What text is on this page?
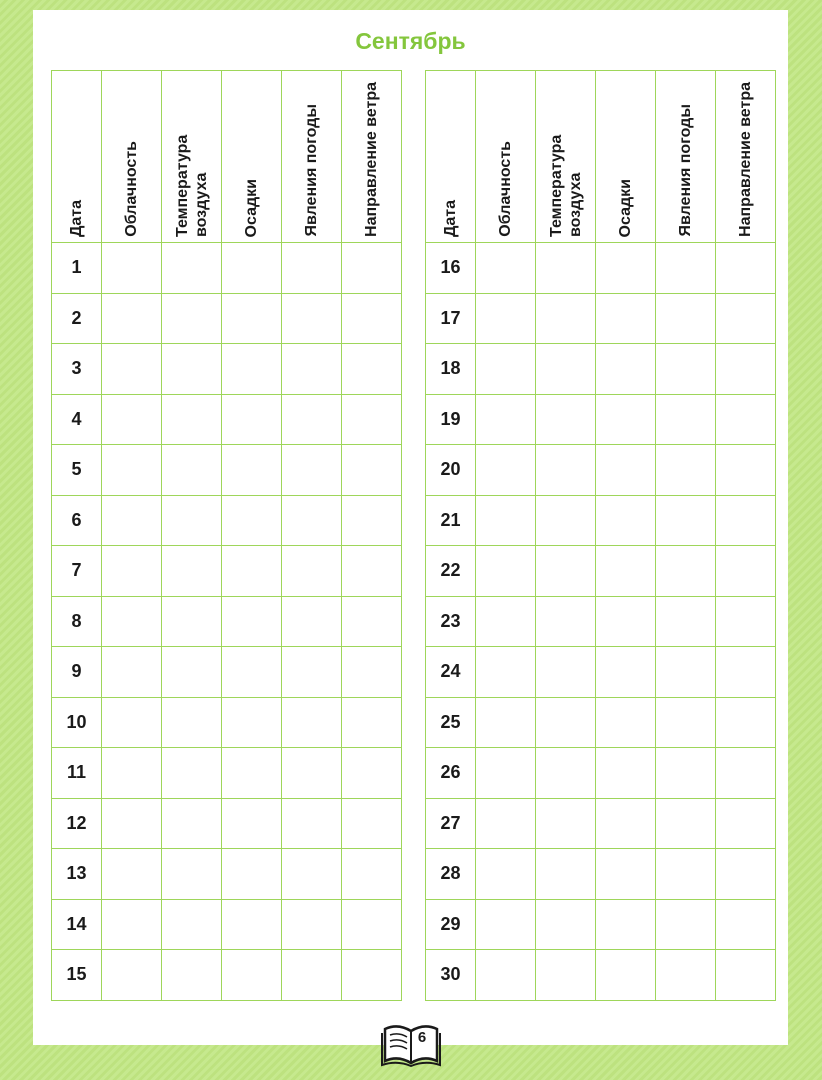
Сентябрь
Дата	Облачность	Температура воздуха	Осадки	Явления погоды	Направление ветра
1					
2					
3					
4					
5					
6					
7					
8					
9					
10					
11					
12					
13					
14					
15					
Дата	Облачность	Температура воздуха	Осадки	Явления погоды	Направление ветра
16					
17					
18					
19					
20					
21					
22					
23					
24					
25					
26					
27					
28					
29					
30					
6
